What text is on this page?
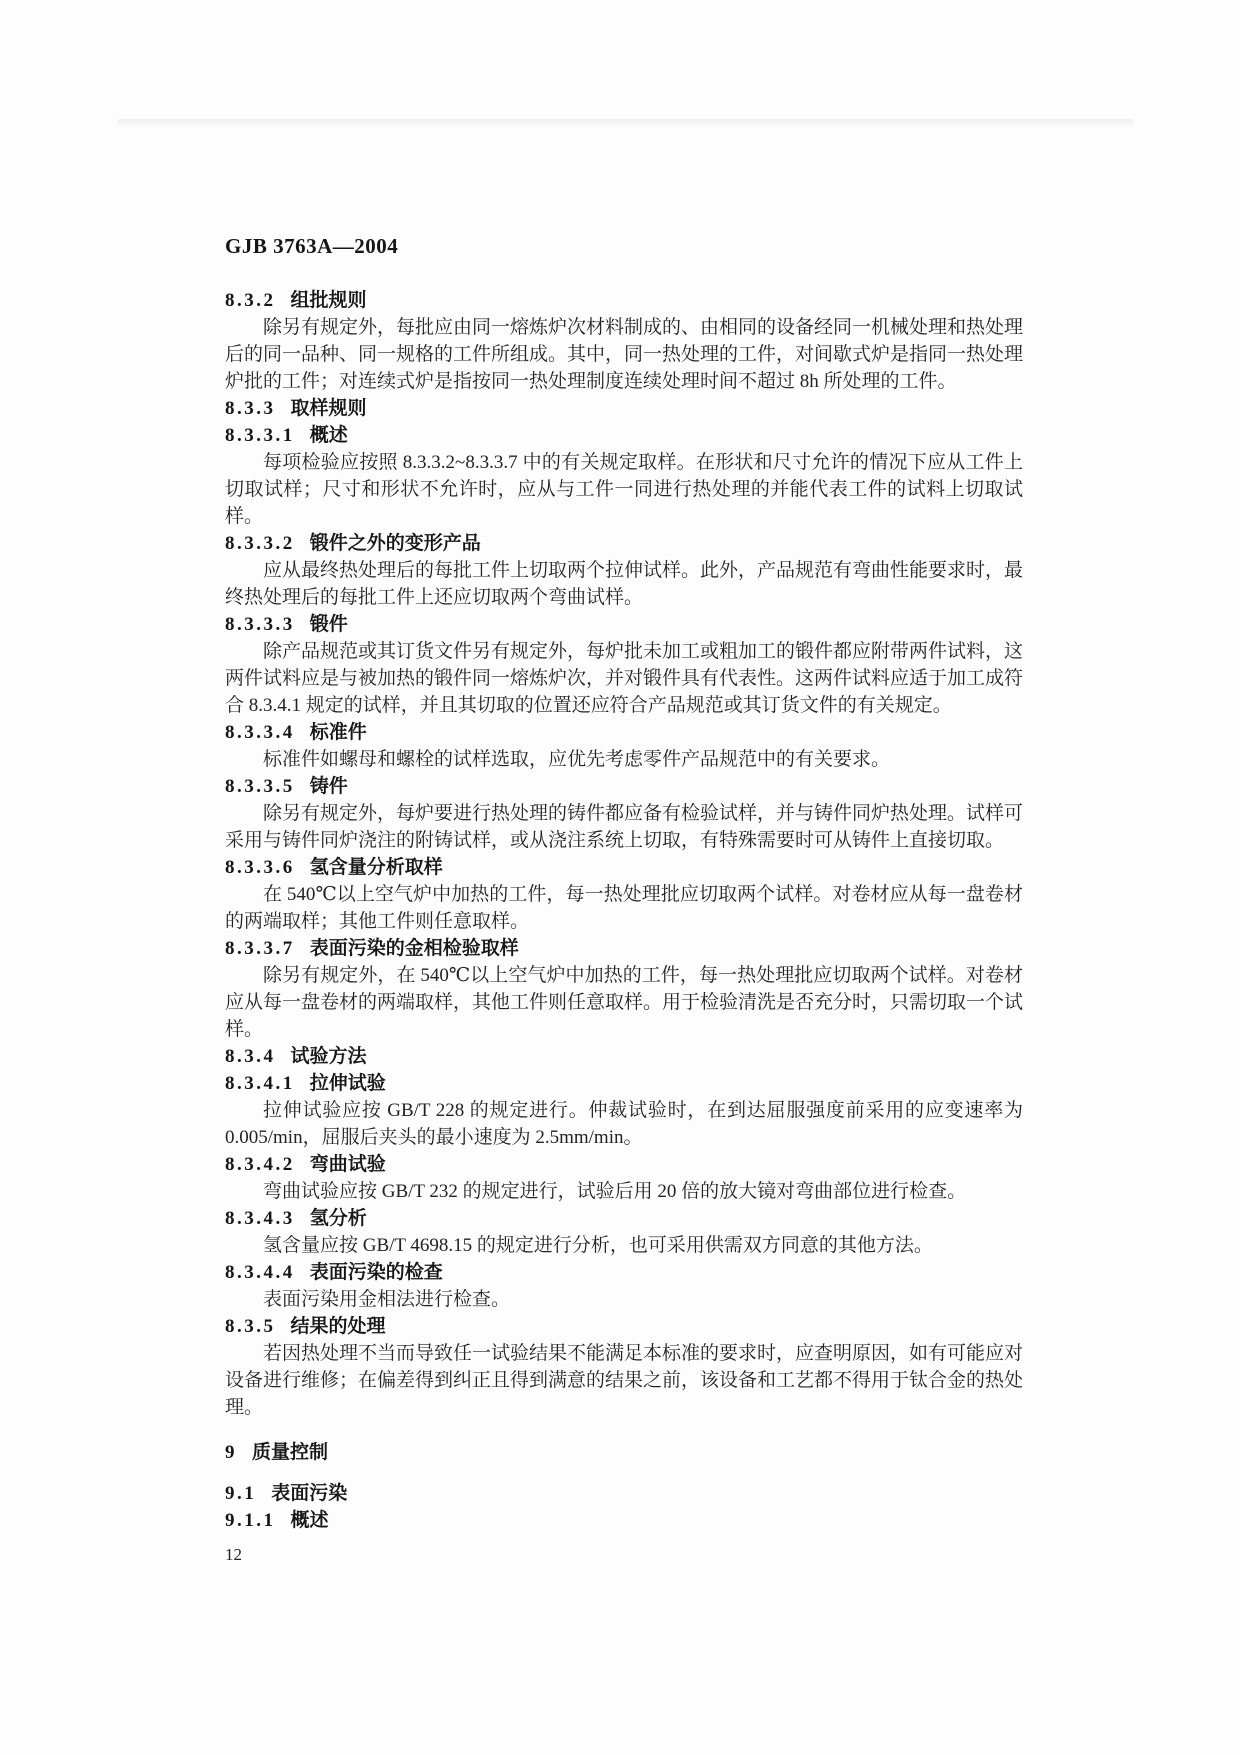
GJB 3763A—2004

8.3.2 组批规则

除另有规定外，每批应由同一熔炼炉次材料制成的、由相同的设备经同一机械处理和热处理后的同一品种、同一规格的工件所组成。其中，同一热处理的工件，对间歇式炉是指同一热处理炉批的工件；对连续式炉是指按同一热处理制度连续处理时间不超过 8h 所处理的工件。

8.3.3 取样规则
8.3.3.1 概述

每项检验应按照 8.3.3.2~8.3.3.7 中的有关规定取样。在形状和尺寸允许的情况下应从工件上切取试样；尺寸和形状不允许时，应从与工件一同进行热处理的并能代表工件的试料上切取试样。

8.3.3.2 锻件之外的变形产品

应从最终热处理后的每批工件上切取两个拉伸试样。此外，产品规范有弯曲性能要求时，最终热处理后的每批工件上还应切取两个弯曲试样。

8.3.3.3 锻件

除产品规范或其订货文件另有规定外，每炉批未加工或粗加工的锻件都应附带两件试料，这两件试料应是与被加热的锻件同一熔炼炉次，并对锻件具有代表性。这两件试料应适于加工成符合 8.3.4.1 规定的试样，并且其切取的位置还应符合产品规范或其订货文件的有关规定。

8.3.3.4 标准件

标准件如螺母和螺栓的试样选取，应优先考虑零件产品规范中的有关要求。

8.3.3.5 铸件

除另有规定外，每炉要进行热处理的铸件都应备有检验试样，并与铸件同炉热处理。试样可采用与铸件同炉浇注的附铸试样，或从浇注系统上切取，有特殊需要时可从铸件上直接切取。

8.3.3.6 氢含量分析取样

在 540℃以上空气炉中加热的工件，每一热处理批应切取两个试样。对卷材应从每一盘卷材的两端取样；其他工件则任意取样。

8.3.3.7 表面污染的金相检验取样

除另有规定外，在 540℃以上空气炉中加热的工件，每一热处理批应切取两个试样。对卷材应从每一盘卷材的两端取样，其他工件则任意取样。用于检验清洗是否充分时，只需切取一个试样。

8.3.4 试验方法
8.3.4.1 拉伸试验

拉伸试验应按 GB/T 228 的规定进行。仲裁试验时，在到达屈服强度前采用的应变速率为 0.005/min，屈服后夹头的最小速度为 2.5mm/min。

8.3.4.2 弯曲试验

弯曲试验应按 GB/T 232 的规定进行，试验后用 20 倍的放大镜对弯曲部位进行检查。

8.3.4.3 氢分析

氢含量应按 GB/T 4698.15 的规定进行分析，也可采用供需双方同意的其他方法。

8.3.4.4 表面污染的检查

表面污染用金相法进行检查。

8.3.5 结果的处理

若因热处理不当而导致任一试验结果不能满足本标准的要求时，应查明原因，如有可能应对设备进行维修；在偏差得到纠正且得到满意的结果之前，该设备和工艺都不得用于钛合金的热处理。

9 质量控制
9.1 表面污染
9.1.1 概述

12
